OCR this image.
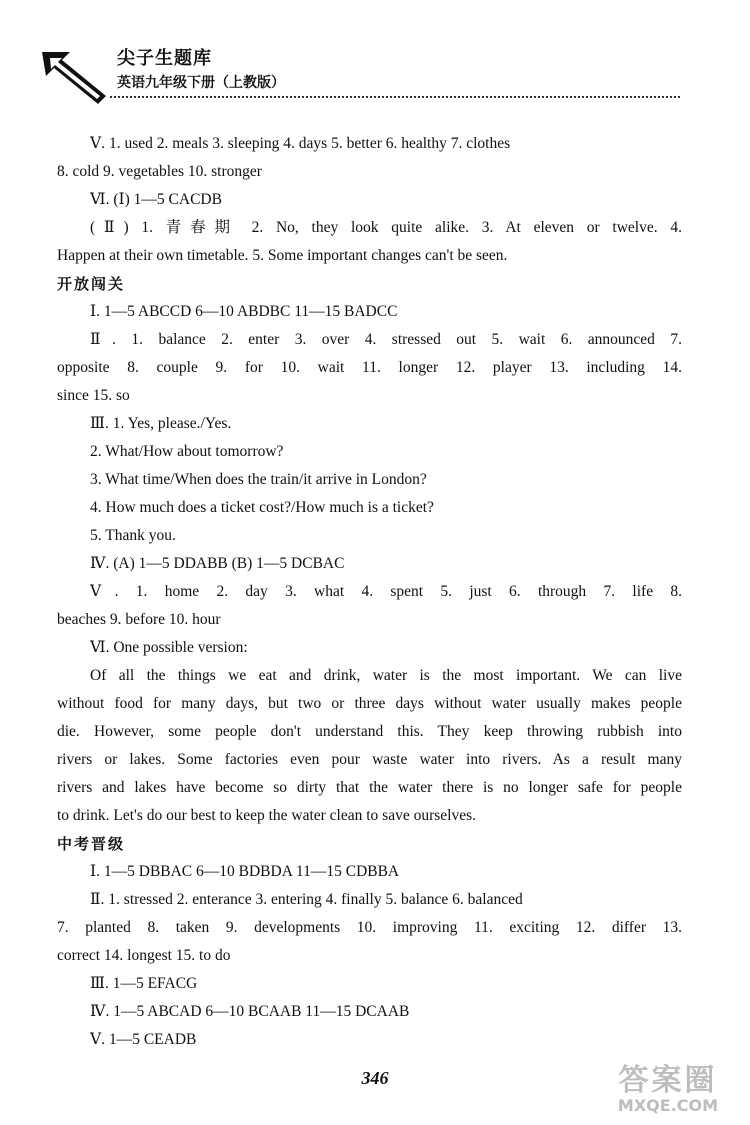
尖子生题库
英语九年级下册（上教版）
Ⅴ. 1. used 2. meals 3. sleeping 4. days 5. better 6. healthy 7. clothes
8. cold 9. vegetables 10. stronger
Ⅵ. (Ⅰ) 1—5 CACDB
(Ⅱ) 1. 青春期 2. No, they look quite alike. 3. At eleven or twelve. 4.
Happen at their own timetable. 5. Some important changes can't be seen.
开放闯关
Ⅰ. 1—5 ABCCD 6—10 ABDBC 11—15 BADCC
Ⅱ. 1. balance 2. enter 3. over 4. stressed out 5. wait 6. announced 7.
opposite 8. couple 9. for 10. wait 11. longer 12. player 13. including 14.
since 15. so
Ⅲ. 1. Yes, please./Yes.
2. What/How about tomorrow?
3. What time/When does the train/it arrive in London?
4. How much does a ticket cost?/How much is a ticket?
5. Thank you.
Ⅳ. (A) 1—5 DDABB (B) 1—5 DCBAC
Ⅴ. 1. home 2. day 3. what 4. spent 5. just 6. through 7. life 8.
beaches 9. before 10. hour
Ⅵ. One possible version:
Of all the things we eat and drink, water is the most important. We can live
without food for many days, but two or three days without water usually makes people
die. However, some people don't understand this. They keep throwing rubbish into
rivers or lakes. Some factories even pour waste water into rivers. As a result many
rivers and lakes have become so dirty that the water there is no longer safe for people
to drink. Let's do our best to keep the water clean to save ourselves.
中考晋级
Ⅰ. 1—5 DBBAC 6—10 BDBDA 11—15 CDBBA
Ⅱ. 1. stressed 2. enterance 3. entering 4. finally 5. balance 6. balanced
7. planted 8. taken 9. developments 10. improving 11. exciting 12. differ 13.
correct 14. longest 15. to do
Ⅲ. 1—5 EFACG
Ⅳ. 1—5 ABCAD 6—10 BCAAB 11—15 DCAAB
Ⅴ. 1—5 CEADB
346	答案圈
MXQE.COM
